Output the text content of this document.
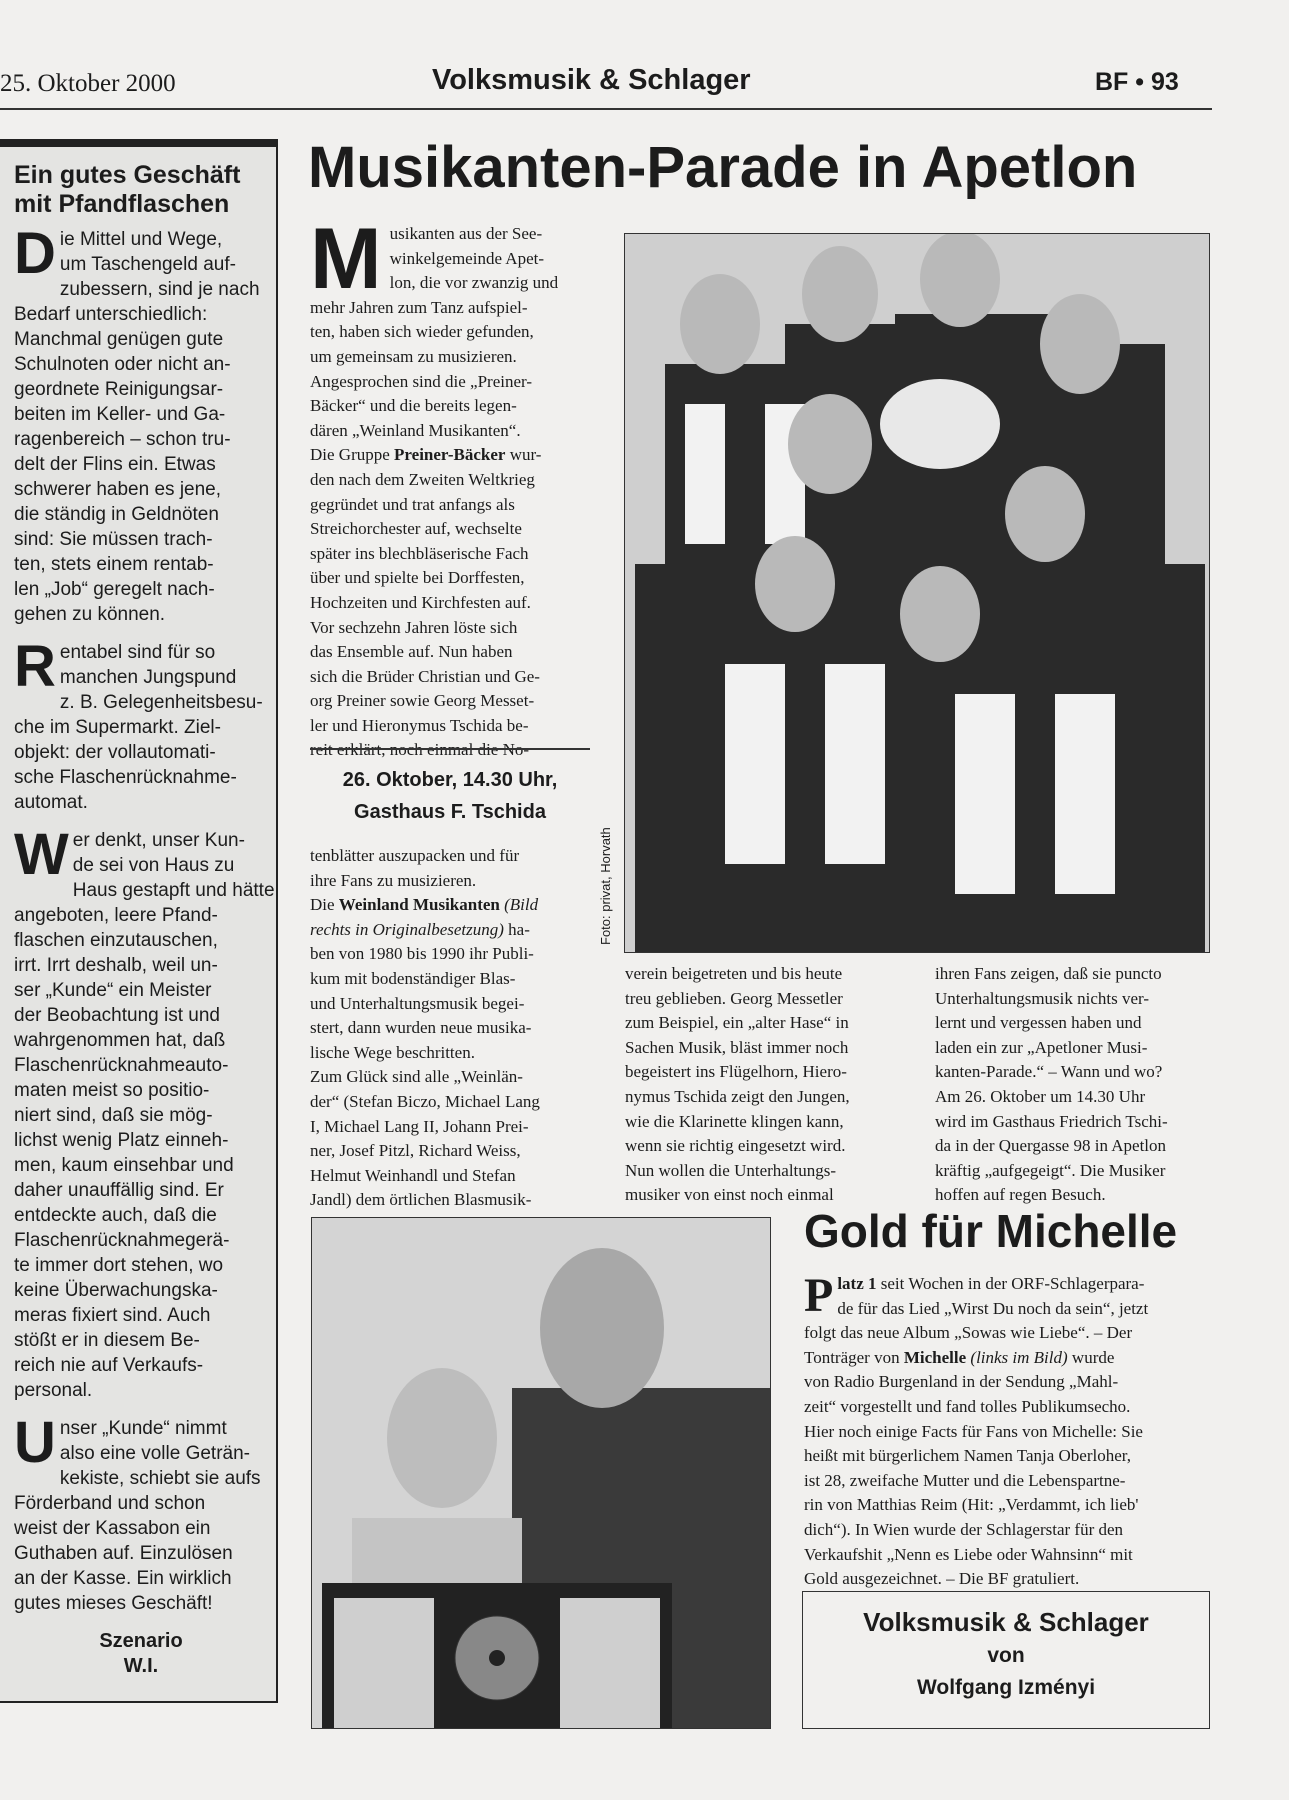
25. Oktober 2000	Volksmusik & Schlager	BF • 93
Ein gutes Geschäft
mit Pfandflaschen

Die Mittel und Wege,
um Taschengeld auf-
zubessern, sind je nach
Bedarf unterschiedlich:
Manchmal genügen gute
Schulnoten oder nicht an-
geordnete Reinigungsar-
beiten im Keller- und Ga-
ragenbereich – schon tru-
delt der Flins ein. Etwas
schwerer haben es jene,
die ständig in Geldnöten
sind: Sie müssen trach-
ten, stets einem rentab-
len „Job“ geregelt nach-
gehen zu können.

Rentabel sind für so
manchen Jungspund
z. B. Gelegenheitsbesu-
che im Supermarkt. Ziel-
objekt: der vollautomati-
sche Flaschenrücknahme-
automat.

Wer denkt, unser Kun-
de sei von Haus zu
Haus gestapft und hätte
angeboten, leere Pfand-
flaschen einzutauschen,
irrt. Irrt deshalb, weil un-
ser „Kunde“ ein Meister
der Beobachtung ist und
wahrgenommen hat, daß
Flaschenrücknahmeauto-
maten meist so positio-
niert sind, daß sie mög-
lichst wenig Platz einneh-
men, kaum einsehbar und
daher unauffällig sind. Er
entdeckte auch, daß die
Flaschenrücknahmegerä-
te immer dort stehen, wo
keine Überwachungska-
meras fixiert sind. Auch
stößt er in diesem Be-
reich nie auf Verkaufs-
personal.

Unser „Kunde“ nimmt
also eine volle Geträn-
kekiste, schiebt sie aufs
Förderband und schon
weist der Kassabon ein
Guthaben auf. Einzulösen
an der Kasse. Ein wirklich
gutes mieses Geschäft!

Szenario
W.I.
Musikanten-Parade in Apetlon
Musikanten aus der See-
winkelgemeinde Apet-
lon, die vor zwanzig und
mehr Jahren zum Tanz aufspiel-
ten, haben sich wieder gefunden,
um gemeinsam zu musizieren.
Angesprochen sind die „Preiner-
Bäcker“ und die bereits legen-
dären „Weinland Musikanten“.
Die Gruppe Preiner-Bäcker wur-
den nach dem Zweiten Weltkrieg
gegründet und trat anfangs als
Streichorchester auf, wechselte
später ins blechbläserische Fach
über und spielte bei Dorffesten,
Hochzeiten und Kirchfesten auf.
Vor sechzehn Jahren löste sich
das Ensemble auf. Nun haben
sich die Brüder Christian und Ge-
org Preiner sowie Georg Messet-
ler und Hieronymus Tschida be-
reit erklärt, noch einmal die No-
26. Oktober, 14.30 Uhr,
Gasthaus F. Tschida
tenblätter auszupacken und für
ihre Fans zu musizieren.
Die Weinland Musikanten (Bild
rechts in Originalbesetzung) ha-
ben von 1980 bis 1990 ihr Publi-
kum mit bodenständiger Blas-
und Unterhaltungsmusik begei-
stert, dann wurden neue musika-
lische Wege beschritten.
Zum Glück sind alle „Weinlän-
der“ (Stefan Biczo, Michael Lang
I, Michael Lang II, Johann Prei-
ner, Josef Pitzl, Richard Weiss,
Helmut Weinhandl und Stefan
Jandl) dem örtlichen Blasmusik-
Foto: privat, Horvath
verein beigetreten und bis heute
treu geblieben. Georg Messetler
zum Beispiel, ein „alter Hase“ in
Sachen Musik, bläst immer noch
begeistert ins Flügelhorn, Hiero-
nymus Tschida zeigt den Jungen,
wie die Klarinette klingen kann,
wenn sie richtig eingesetzt wird.
Nun wollen die Unterhaltungs-
musiker von einst noch einmal
ihren Fans zeigen, daß sie puncto
Unterhaltungsmusik nichts ver-
lernt und vergessen haben und
laden ein zur „Apetloner Musi-
kanten-Parade.“ – Wann und wo?
Am 26. Oktober um 14.30 Uhr
wird im Gasthaus Friedrich Tschi-
da in der Quergasse 98 in Apetlon
kräftig „aufgegeigt“. Die Musiker
hoffen auf regen Besuch.
Gold für Michelle
Platz 1 seit Wochen in der ORF-Schlagerpara-
de für das Lied „Wirst Du noch da sein“, jetzt
folgt das neue Album „Sowas wie Liebe“. – Der
Tonträger von Michelle (links im Bild) wurde
von Radio Burgenland in der Sendung „Mahl-
zeit“ vorgestellt und fand tolles Publikumsecho.
Hier noch einige Facts für Fans von Michelle: Sie
heißt mit bürgerlichem Namen Tanja Oberloher,
ist 28, zweifache Mutter und die Lebenspartne-
rin von Matthias Reim (Hit: „Verdammt, ich lieb'
dich“). In Wien wurde der Schlagerstar für den
Verkaufshit „Nenn es Liebe oder Wahnsinn“ mit
Gold ausgezeichnet. – Die BF gratuliert.
Volksmusik & Schlager
von
Wolfgang Izményi
